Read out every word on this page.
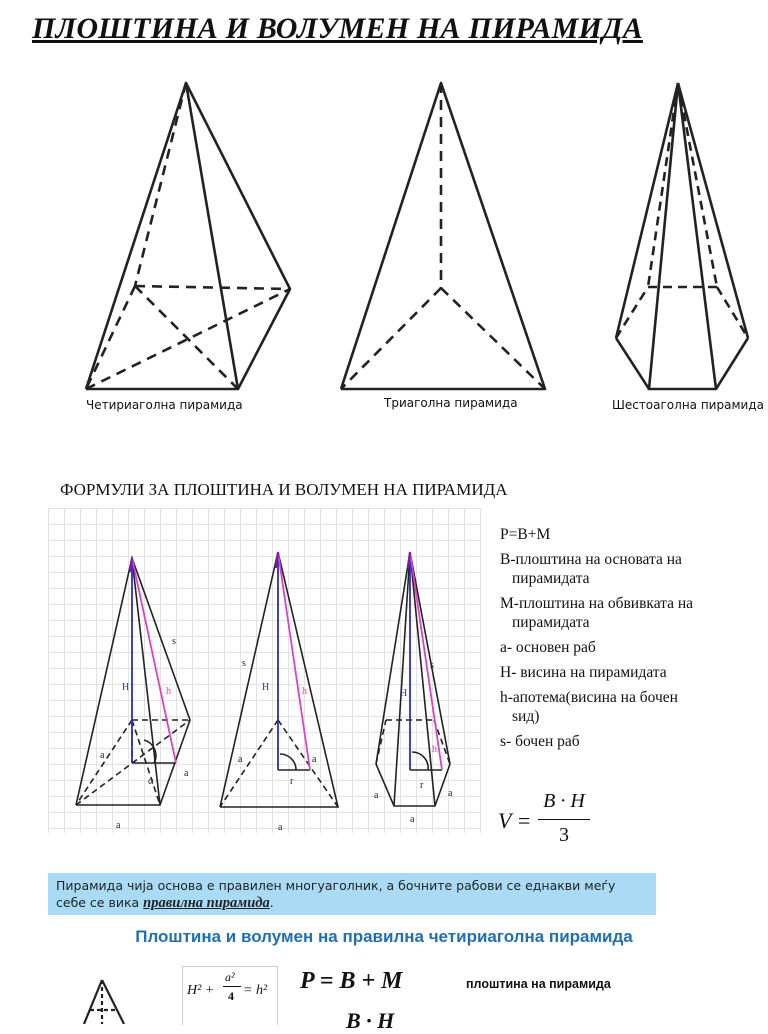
ПЛОШТИНА И ВОЛУМЕН НА ПИРАМИДА
Четириаголна пирамида	Триаголна пирамида	Шестоаголна пирамида
ФОРМУЛИ ЗА ПЛОШТИНА И ВОЛУМЕН НА ПИРАМИДА
H	h
s
a
a
a
α
H	h
s
a	a
r
a
H
h
s
a	a
r
a
P=B+M
B-плоштина на основата на
пирамидата
M-плоштина на обвивката на
пирамидата
a- основен раб
H- висина на пирамидата
h-апотема(висина на бочен
sид)
s- бочен раб
V =
B · H
3
Пирамида чија основа е правилен многуаголник, а бочните рабови се еднакви меѓу себе се вика правилна пирамида.
Плоштина и волумен на правилна четириаголна пирамида
H² +
a²
4 = h² P = B + M
B · H
плоштина на пирамида
